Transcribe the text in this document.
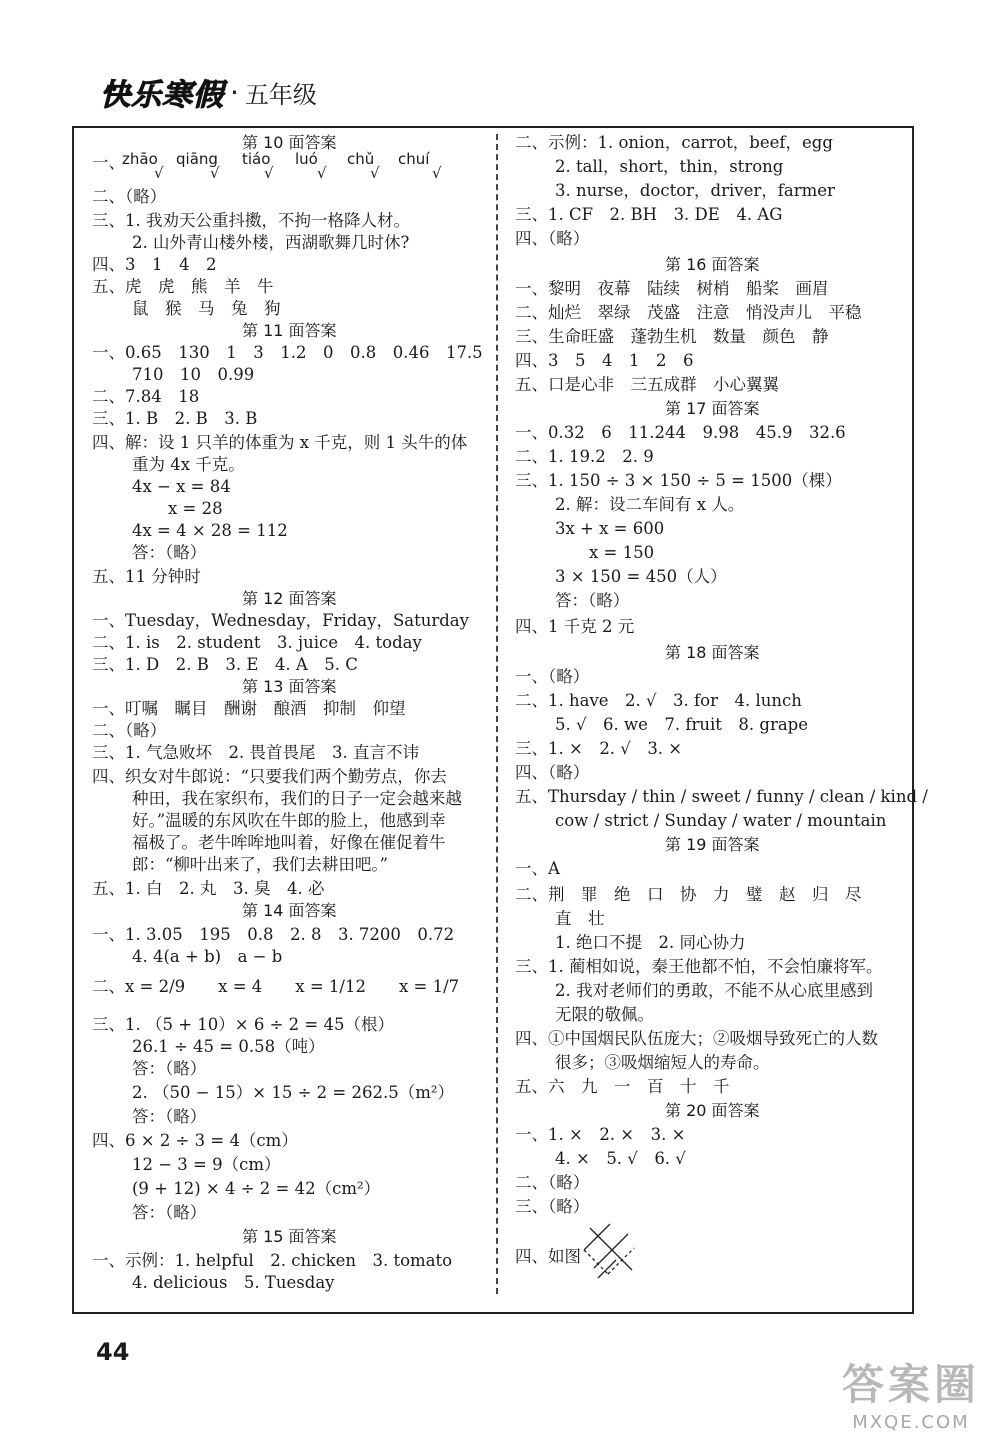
快乐寒假 · 五年级
第 10 面答案
一、
zhāo qiāng tiáo luó chǔ chuí
√	√	√	√	√	√
二、（略）
三、1. 我劝天公重抖擞，不拘一格降人材。
2. 山外青山楼外楼，西湖歌舞几时休?
四、3　1　4　2
五、虎　虎　熊　羊　牛
鼠　猴　马　兔　狗
第 11 面答案
一、0.65　130　1　3　1.2　0　0.8　0.46　17.5
710　10　0.99
二、7.84　18
三、1. B　2. B　3. B
四、解：设 1 只羊的体重为 x 千克，则 1 头牛的体
重为 4x 千克。
4x − x = 84
x = 28
4x = 4 × 28 = 112
答：（略）
五、11 分钟时
第 12 面答案
一、Tuesday，Wednesday，Friday，Saturday
二、1. is　2. student　3. juice　4. today
三、1. D　2. B　3. E　4. A　5. C
第 13 面答案
一、叮嘱　瞩目　酬谢　酿酒　抑制　仰望
二、（略）
三、1. 气急败坏　2. 畏首畏尾　3. 直言不讳
四、织女对牛郎说：“只要我们两个勤劳点，你去
种田，我在家织布，我们的日子一定会越来越
好。”温暖的东风吹在牛郎的脸上，他感到幸
福极了。老牛哞哞地叫着，好像在催促着牛
郎：“柳叶出来了，我们去耕田吧。”
五、1. 白　2. 丸　3. 臭　4. 必
第 14 面答案
一、1. 3.05　195　0.8　2. 8　3. 7200　0.72
4. 4(a + b)　a − b
二、x = 2/9　　x = 4　　x = 1/12　　x = 1/7
三、1. （5 + 10）× 6 ÷ 2 = 45（根）
26.1 ÷ 45 = 0.58（吨）
答：（略）
2. （50 − 15）× 15 ÷ 2 = 262.5（m²）
答：（略）
四、6 × 2 ÷ 3 = 4（cm）
12 − 3 = 9（cm）
(9 + 12) × 4 ÷ 2 = 42（cm²）
答：（略）
第 15 面答案
一、示例：1. helpful　2. chicken　3. tomato
4. delicious　5. Tuesday
二、示例：1. onion，carrot，beef，egg
2. tall，short，thin，strong
3. nurse，doctor，driver，farmer
三、1. CF　2. BH　3. DE　4. AG
四、（略）
第 16 面答案
一、黎明　夜幕　陆续　树梢　船桨　画眉
二、灿烂　翠绿　茂盛　注意　悄没声儿　平稳
三、生命旺盛　蓬勃生机　数量　颜色　静
四、3　5　4　1　2　6
五、口是心非　三五成群　小心翼翼
第 17 面答案
一、0.32　6　11.244　9.98　45.9　32.6
二、1. 19.2　2. 9
三、1. 150 ÷ 3 × 150 ÷ 5 = 1500（棵）
2. 解：设二车间有 x 人。
3x + x = 600
x = 150
3 × 150 = 450（人）
答：（略）
四、1 千克 2 元
第 18 面答案
一、（略）
二、1. have　2. √　3. for　4. lunch
5. √　6. we　7. fruit　8. grape
三、1. ×　2. √　3. ×
四、（略）
五、Thursday / thin / sweet / funny / clean / kind /
cow / strict / Sunday / water / mountain
第 19 面答案
一、A
二、荆　罪　绝　口　协　力　璧　赵　归　尽
直　壮
1. 绝口不提　2. 同心协力
三、1. 蔺相如说，秦王他都不怕，不会怕廉将军。
2. 我对老师们的勇敢，不能不从心底里感到
无限的敬佩。
四、①中国烟民队伍庞大；②吸烟导致死亡的人数
很多；③吸烟缩短人的寿命。
五、六　九　一　百　十　千
第 20 面答案
一、1. ×　2. ×　3. ×
4. ×　5. √　6. √
二、（略）
三、（略）
四、如图
44
答案圈
MXQE.COM
